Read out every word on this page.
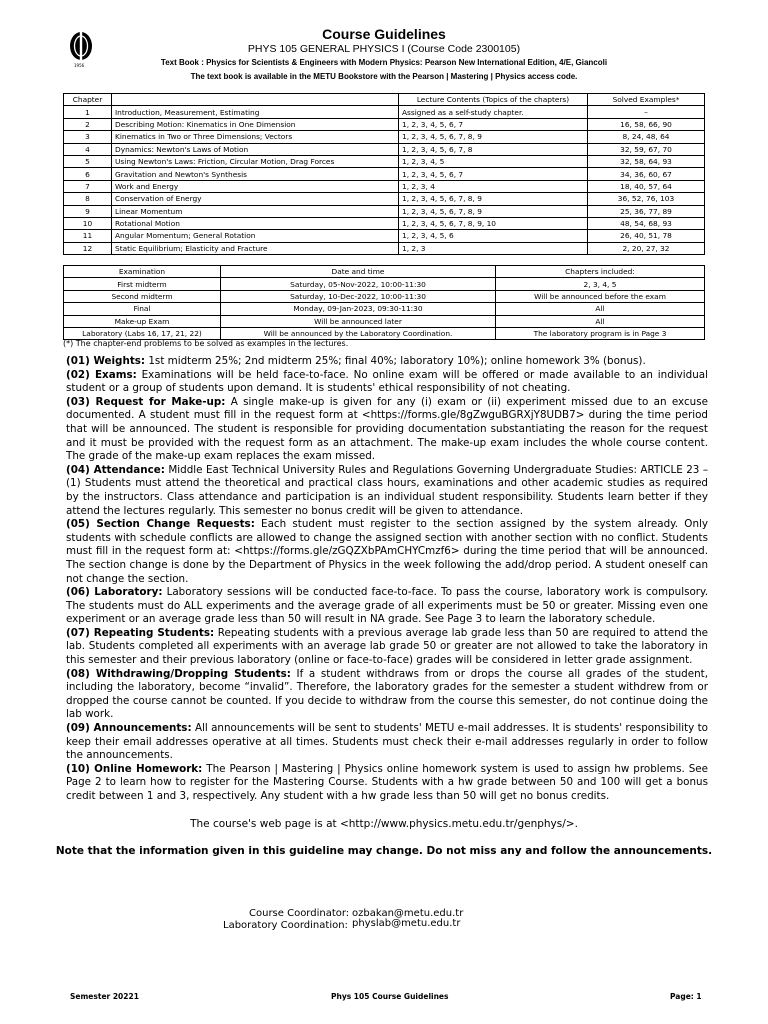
1956
Course Guidelines
PHYS 105 GENERAL PHYSICS I (Course Code 2300105)
Text Book : Physics for Scientists & Engineers with Modern Physics: Pearson New International Edition, 4/E, Giancoli
The text book is available in the METU Bookstore with the Pearson | Mastering | Physics access code.
Chapter		Lecture Contents (Topics of the chapters)	Solved Examples*
1	Introduction, Measurement, Estimating	Assigned as a self-study chapter.	–
2	Describing Motion: Kinematics in One Dimension	1, 2, 3, 4, 5, 6, 7	16, 58, 66, 90
3	Kinematics in Two or Three Dimensions; Vectors	1, 2, 3, 4, 5, 6, 7, 8, 9	8, 24, 48, 64
4	Dynamics: Newton's Laws of Motion	1, 2, 3, 4, 5, 6, 7, 8	32, 59, 67, 70
5	Using Newton's Laws: Friction, Circular Motion, Drag Forces	1, 2, 3, 4, 5	32, 58, 64, 93
6	Gravitation and Newton's Synthesis	1, 2, 3, 4, 5, 6, 7	34, 36, 60, 67
7	Work and Energy	1, 2, 3, 4	18, 40, 57, 64
8	Conservation of Energy	1, 2, 3, 4, 5, 6, 7, 8, 9	36, 52, 76, 103
9	Linear Momentum	1, 2, 3, 4, 5, 6, 7, 8, 9	25, 36, 77, 89
10	Rotational Motion	1, 2, 3, 4, 5, 6, 7, 8, 9, 10	48, 54, 68, 93
11	Angular Momentum; General Rotation	1, 2, 3, 4, 5, 6	26, 40, 51, 78
12	Static Equilibrium; Elasticity and Fracture	1, 2, 3	2, 20, 27, 32
Examination	Date and time	Chapters included:
First midterm	Saturday, 05-Nov-2022, 10:00-11:30	2, 3, 4, 5
Second midterm	Saturday, 10-Dec-2022, 10:00-11:30	Will be announced before the exam
Final	Monday, 09-Jan-2023, 09:30-11:30	All
Make-up Exam	Will be announced later	All
Laboratory (Labs 16, 17, 21, 22)	Will be announced by the Laboratory Coordination.	The laboratory program is in Page 3
(*) The chapter-end problems to be solved as examples in the lectures.

(01) Weights: 1st midterm 25%; 2nd midterm 25%; final 40%; laboratory 10%); online homework 3% (bonus).

(02) Exams: Examinations will be held face-to-face. No online exam will be offered or made available to an individual student or a group of students upon demand. It is students' ethical responsibility of not cheating.

(03) Request for Make-up: A single make-up is given for any (i) exam or (ii) experiment missed due to an excuse documented. A student must fill in the request form at <https://forms.gle/8gZwguBGRXjY8UDB7> during the time period that will be announced. The student is responsible for providing documentation substantiating the reason for the request and it must be provided with the request form as an attachment. The make-up exam includes the whole course content. The grade of the make-up exam replaces the exam missed.

(04) Attendance: Middle East Technical University Rules and Regulations Governing Undergraduate Studies: ARTICLE 23 – (1) Students must attend the theoretical and practical class hours, examinations and other academic studies as required by the instructors. Class attendance and participation is an individual student responsibility. Students learn better if they attend the lectures regularly. This semester no bonus credit will be given to attendance.

(05) Section Change Requests: Each student must register to the section assigned by the system already. Only students with schedule conflicts are allowed to change the assigned section with another section with no conflict. Students must fill in the request form at: <https://forms.gle/zGQZXbPAmCHYCmzf6> during the time period that will be announced. The section change is done by the Department of Physics in the week following the add/drop period. A student oneself can not change the section.

(06) Laboratory: Laboratory sessions will be conducted face-to-face. To pass the course, laboratory work is compulsory. The students must do ALL experiments and the average grade of all experiments must be 50 or greater. Missing even one experiment or an average grade less than 50 will result in NA grade. See Page 3 to learn the laboratory schedule.

(07) Repeating Students: Repeating students with a previous average lab grade less than 50 are required to attend the lab. Students completed all experiments with an average lab grade 50 or greater are not allowed to take the laboratory in this semester and their previous laboratory (online or face-to-face) grades will be considered in letter grade assignment.

(08) Withdrawing/Dropping Students: If a student withdraws from or drops the course all grades of the student, including the laboratory, become “invalid”. Therefore, the laboratory grades for the semester a student withdrew from or dropped the course cannot be counted. If you decide to withdraw from the course this semester, do not continue doing the lab work.

(09) Announcements: All announcements will be sent to students' METU e-mail addresses. It is students' responsibility to keep their email addresses operative at all times. Students must check their e-mail addresses regularly in order to follow the announcements.

(10) Online Homework: The Pearson | Mastering | Physics online homework system is used to assign hw problems. See Page 2 to learn how to register for the Mastering Course. Students with a hw grade between 50 and 100 will get a bonus credit between 1 and 3, respectively. Any student with a hw grade less than 50 will get no bonus credits.

The course's web page is at <http://www.physics.metu.edu.tr/genphys/>.
Note that the information given in this guideline may change. Do not miss any and follow the announcements.
Course Coordinator: ozbakan@metu.edu.tr
Laboratory Coordination: physlab@metu.edu.tr
Semester 20221	Phys 105 Course Guidelines	Page: 1
